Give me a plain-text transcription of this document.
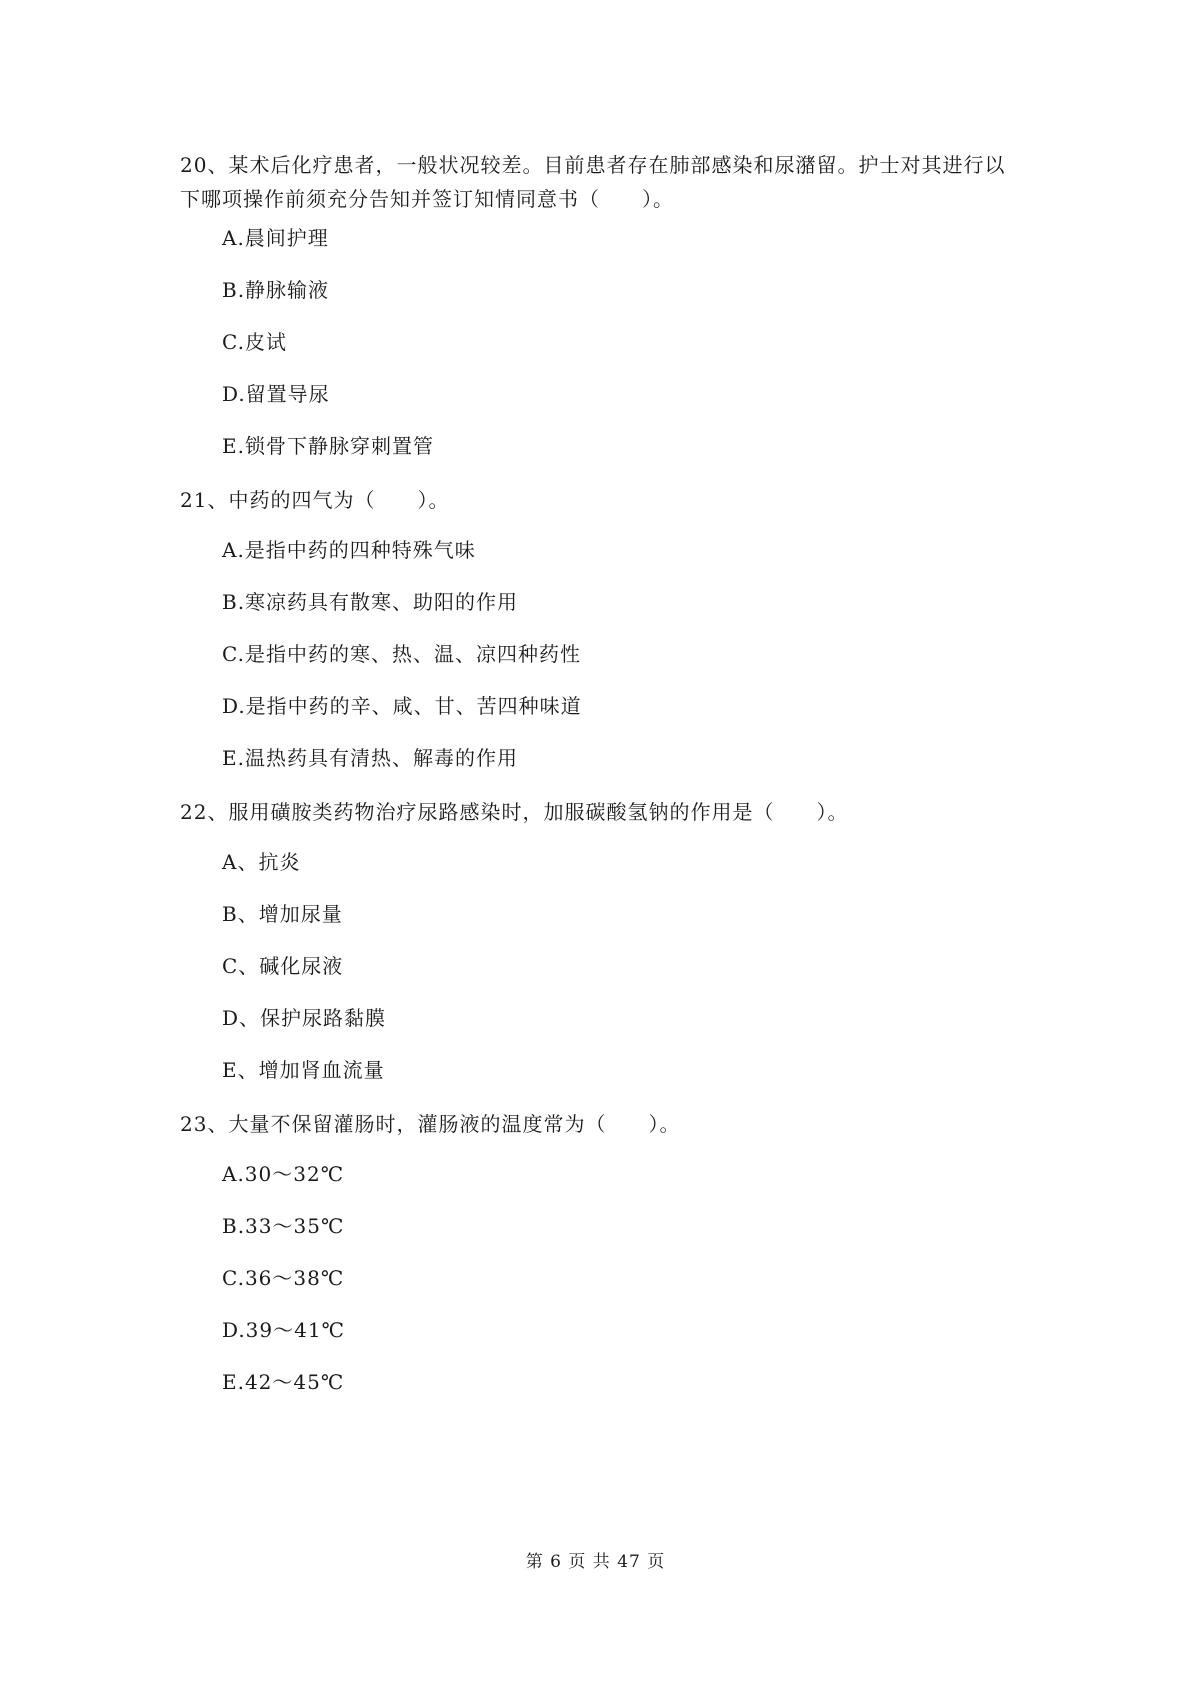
20、某术后化疗患者，一般状况较差。目前患者存在肺部感染和尿潴留。护士对其进行以下哪项操作前须充分告知并签订知情同意书（　　）。

A.晨间护理

B.静脉输液

C.皮试

D.留置导尿

E.锁骨下静脉穿刺置管

21、中药的四气为（　　）。

A.是指中药的四种特殊气味

B.寒凉药具有散寒、助阳的作用

C.是指中药的寒、热、温、凉四种药性

D.是指中药的辛、咸、甘、苦四种味道

E.温热药具有清热、解毒的作用

22、服用磺胺类药物治疗尿路感染时，加服碳酸氢钠的作用是（　　）。

A、抗炎

B、增加尿量

C、碱化尿液

D、保护尿路黏膜

E、增加肾血流量

23、大量不保留灌肠时，灌肠液的温度常为（　　）。

A.30～32℃

B.33～35℃

C.36～38℃

D.39～41℃

E.42～45℃

第 6 页 共 47 页
